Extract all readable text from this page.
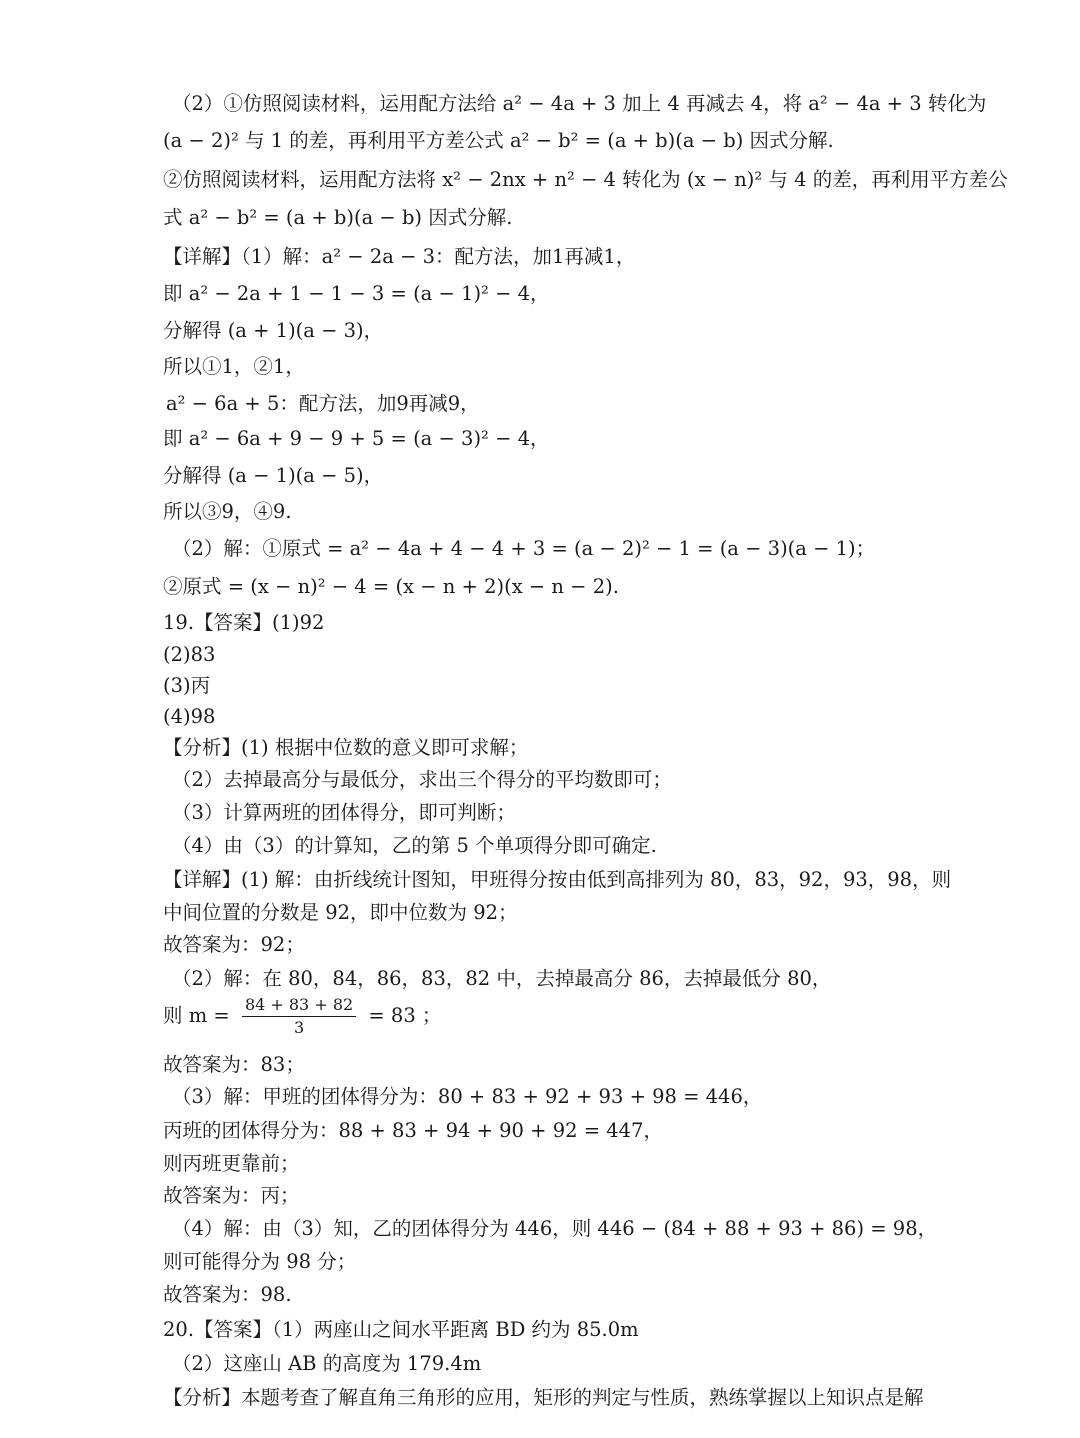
（2）①仿照阅读材料，运用配方法给 a² − 4a + 3 加上 4 再减去 4，将 a² − 4a + 3 转化为
(a − 2)² 与 1 的差，再利用平方差公式 a² − b² = (a + b)(a − b) 因式分解.
②仿照阅读材料，运用配方法将 x² − 2nx + n² − 4 转化为 (x − n)² 与 4 的差，再利用平方差公
式 a² − b² = (a + b)(a − b) 因式分解.
【详解】（1）解：a² − 2a − 3：配方法，加1再减1，
即 a² − 2a + 1 − 1 − 3 = (a − 1)² − 4，
分解得 (a + 1)(a − 3)，
所以①1，②1，
a² − 6a + 5：配方法，加9再减9，
即 a² − 6a + 9 − 9 + 5 = (a − 3)² − 4，
分解得 (a − 1)(a − 5)，
所以③9，④9.
（2）解：①原式 = a² − 4a + 4 − 4 + 3 = (a − 2)² − 1 = (a − 3)(a − 1)；
②原式 = (x − n)² − 4 = (x − n + 2)(x − n − 2).
19.【答案】(1)92
(2)83
(3)丙
(4)98
【分析】(1) 根据中位数的意义即可求解；
（2）去掉最高分与最低分，求出三个得分的平均数即可；
（3）计算两班的团体得分，即可判断；
（4）由（3）的计算知，乙的第 5 个单项得分即可确定.
【详解】(1) 解：由折线统计图知，甲班得分按由低到高排列为 80，83，92，93，98，则
中间位置的分数是 92，即中位数为 92；
故答案为：92；
（2）解：在 80，84，86，83，82 中，去掉最高分 86，去掉最低分 80，
则 $m = \frac{84 + 83 + 82}{3} = 83$ ；
故答案为：83；
（3）解：甲班的团体得分为：80 + 83 + 92 + 93 + 98 = 446，
丙班的团体得分为：88 + 83 + 94 + 90 + 92 = 447，
则丙班更靠前；
故答案为：丙；
（4）解：由（3）知，乙的团体得分为 446，则 446 − (84 + 88 + 93 + 86) = 98，
则可能得分为 98 分；
故答案为：98.
20.【答案】（1）两座山之间水平距离 BD 约为 85.0m
（2）这座山 AB 的高度为 179.4m
【分析】本题考查了解直角三角形的应用，矩形的判定与性质，熟练掌握以上知识点是解
